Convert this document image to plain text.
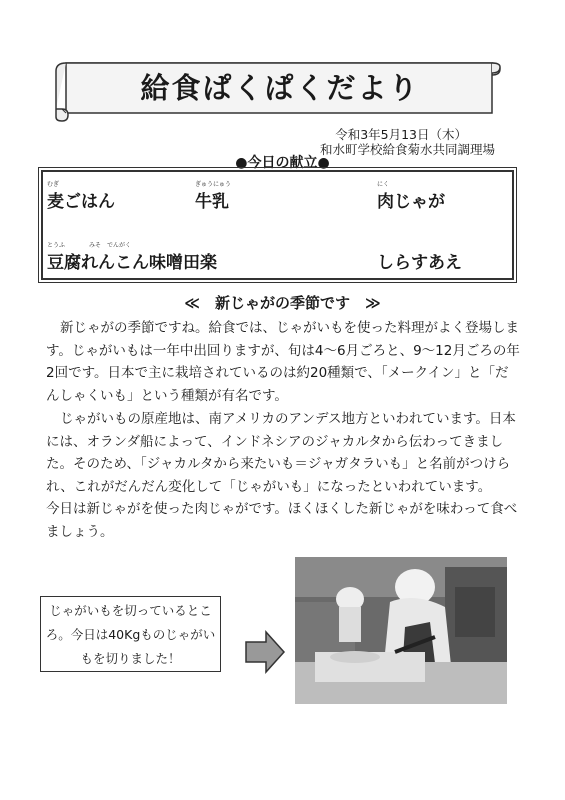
給食ぱくぱくだより
令和3年5月13日（木）
和水町学校給食菊水共同調理場
●今日の献立●
むぎ
麦ごはん
ぎゅうにゅう
牛乳
にく
肉じゃが
とうふ　　　　みそ　でんがく
豆腐れんこん味噌田楽	しらすあえ
≪　新じゃがの季節です　≫
新じゃがの季節ですね。給食では、じゃがいもを使った料理がよく登場します。じゃがいもは一年中出回りますが、旬は4～6月ごろと、9～12月ごろの年2回です。日本で主に栽培されているのは約20種類で、「メークイン」と「だんしゃくいも」という種類が有名です。
じゃがいもの原産地は、南アメリカのアンデス地方といわれています。日本には、オランダ船によって、インドネシアのジャカルタから伝わってきました。そのため、「ジャカルタから来たいも＝ジャガタラいも」と名前がつけられ、これがだんだん変化して「じゃがいも」になったといわれています。
今日は新じゃがを使った肉じゃがです。ほくほくした新じゃがを味わって食べましょう。
じゃがいもを切っているところ。今日は40Kgものじゃがいもを切りました！
